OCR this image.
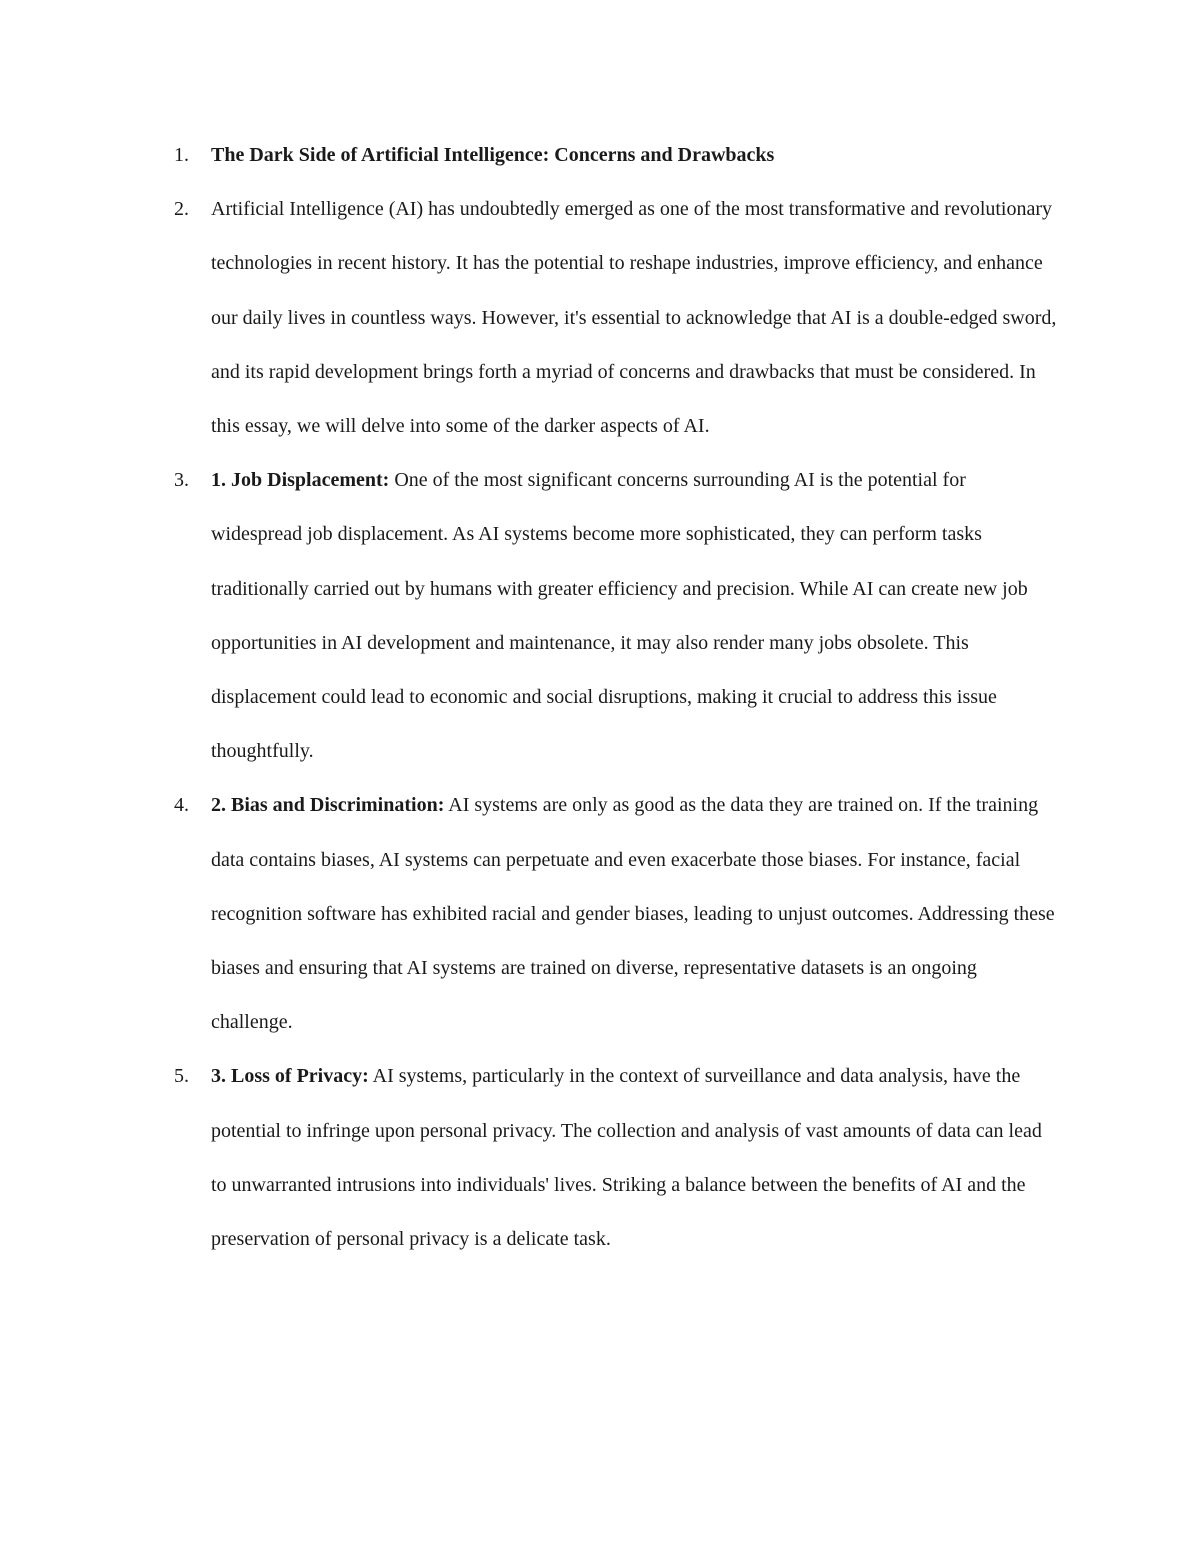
1. The Dark Side of Artificial Intelligence: Concerns and Drawbacks
2. Artificial Intelligence (AI) has undoubtedly emerged as one of the most transformative and revolutionary technologies in recent history. It has the potential to reshape industries, improve efficiency, and enhance our daily lives in countless ways. However, it's essential to acknowledge that AI is a double-edged sword, and its rapid development brings forth a myriad of concerns and drawbacks that must be considered. In this essay, we will delve into some of the darker aspects of AI.
3. 1. Job Displacement: One of the most significant concerns surrounding AI is the potential for widespread job displacement. As AI systems become more sophisticated, they can perform tasks traditionally carried out by humans with greater efficiency and precision. While AI can create new job opportunities in AI development and maintenance, it may also render many jobs obsolete. This displacement could lead to economic and social disruptions, making it crucial to address this issue thoughtfully.
4. 2. Bias and Discrimination: AI systems are only as good as the data they are trained on. If the training data contains biases, AI systems can perpetuate and even exacerbate those biases. For instance, facial recognition software has exhibited racial and gender biases, leading to unjust outcomes. Addressing these biases and ensuring that AI systems are trained on diverse, representative datasets is an ongoing challenge.
5. 3. Loss of Privacy: AI systems, particularly in the context of surveillance and data analysis, have the potential to infringe upon personal privacy. The collection and analysis of vast amounts of data can lead to unwarranted intrusions into individuals' lives. Striking a balance between the benefits of AI and the preservation of personal privacy is a delicate task.
